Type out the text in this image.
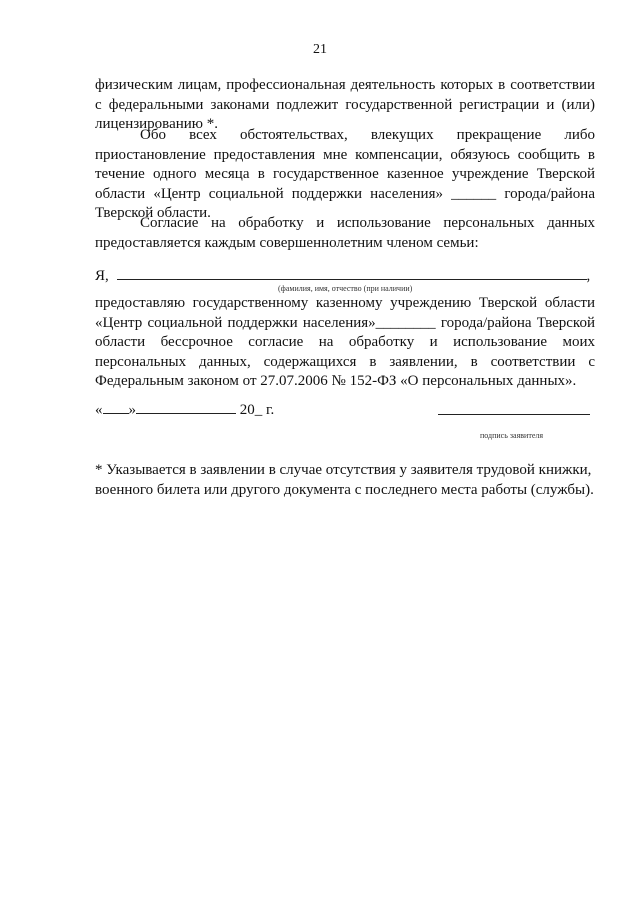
21
физическим лицам, профессиональная деятельность которых в соответствии
с федеральными законами подлежит государственной регистрации и (или)
лицензированию *.
Обо всех обстоятельствах, влекущих прекращение либо
приостановление предоставления мне компенсации, обязуюсь сообщить в
течение одного месяца в государственное казенное учреждение Тверской
области «Центр социальной поддержки населения» ______ города/района
Тверской области.
Согласие на обработку и использование персональных данных
предоставляется каждым совершеннолетним членом семьи:
Я,	,
(фамилия, имя, отчество (при наличии)
предоставляю государственному казенному учреждению Тверской области
«Центр социальной поддержки населения»________ города/района Тверской
области бессрочное согласие на обработку и использование моих
персональных данных, содержащихся в заявлении, в соответствии с
Федеральным законом от 27.07.2006 № 152-ФЗ «О персональных данных».
« »	20_ г.
подпись заявителя
* Указывается в заявлении в случае отсутствия у заявителя трудовой книжки,
военного билета или другого документа с последнего места работы (службы).
